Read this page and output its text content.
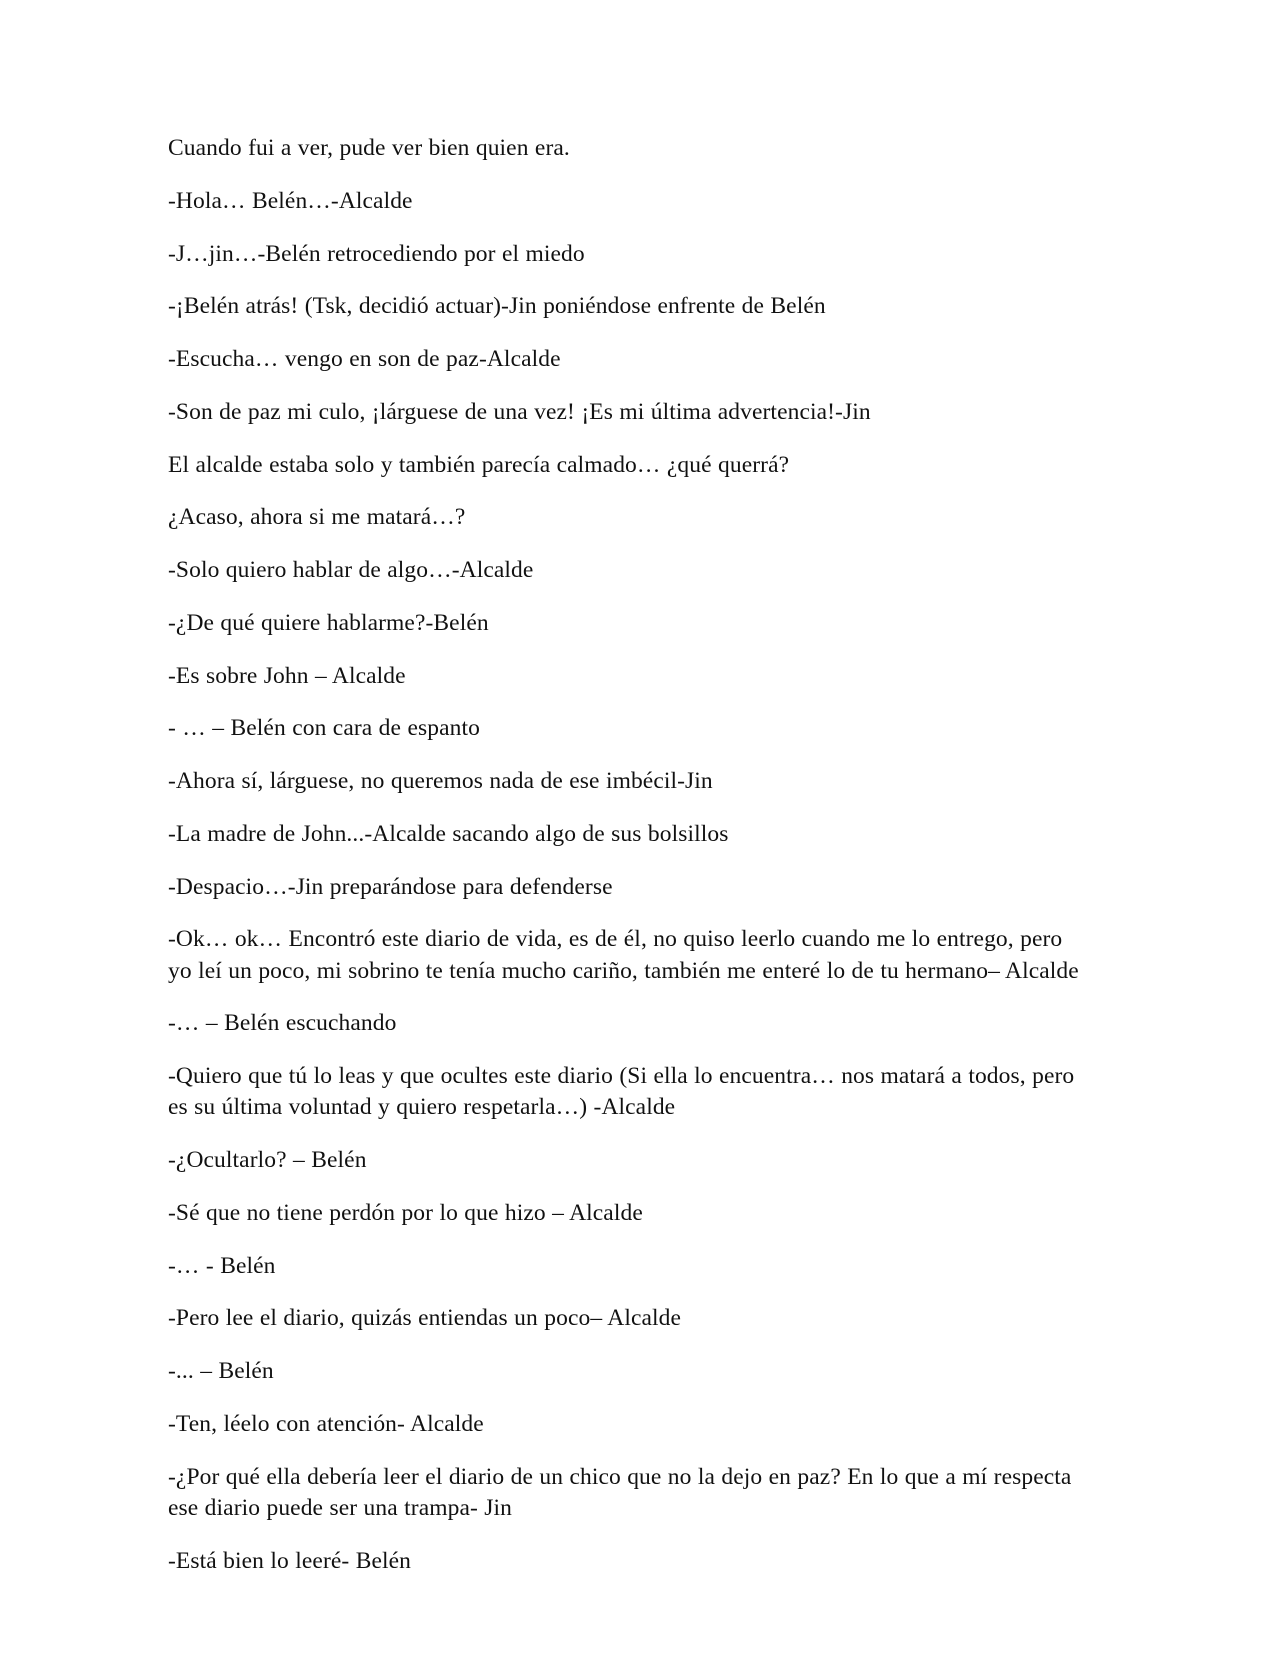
Cuando fui a ver, pude ver bien quien era.

-Hola… Belén…-Alcalde

-J…jin…-Belén retrocediendo por el miedo

-¡Belén atrás! (Tsk, decidió actuar)-Jin poniéndose enfrente de Belén

-Escucha… vengo en son de paz-Alcalde

-Son de paz mi culo, ¡lárguese de una vez! ¡Es mi última advertencia!-Jin

El alcalde estaba solo y también parecía calmado… ¿qué querrá?

¿Acaso, ahora si me matará…?

-Solo quiero hablar de algo…-Alcalde

-¿De qué quiere hablarme?-Belén

-Es sobre John – Alcalde

- … – Belén con cara de espanto

-Ahora sí, lárguese, no queremos nada de ese imbécil-Jin

-La madre de John...-Alcalde sacando algo de sus bolsillos

-Despacio…-Jin preparándose para defenderse

-Ok… ok… Encontró este diario de vida, es de él, no quiso leerlo cuando me lo entrego, pero yo leí un poco, mi sobrino te tenía mucho cariño, también me enteré lo de tu hermano– Alcalde

-… – Belén escuchando

-Quiero que tú lo leas y que ocultes este diario (Si ella lo encuentra… nos matará a todos, pero es su última voluntad y quiero respetarla…) -Alcalde

-¿Ocultarlo? – Belén

-Sé que no tiene perdón por lo que hizo – Alcalde

-… - Belén

-Pero lee el diario, quizás entiendas un poco– Alcalde

-... – Belén

-Ten, léelo con atención- Alcalde

-¿Por qué ella debería leer el diario de un chico que no la dejo en paz? En lo que a mí respecta ese diario puede ser una trampa- Jin

-Está bien lo leeré- Belén
